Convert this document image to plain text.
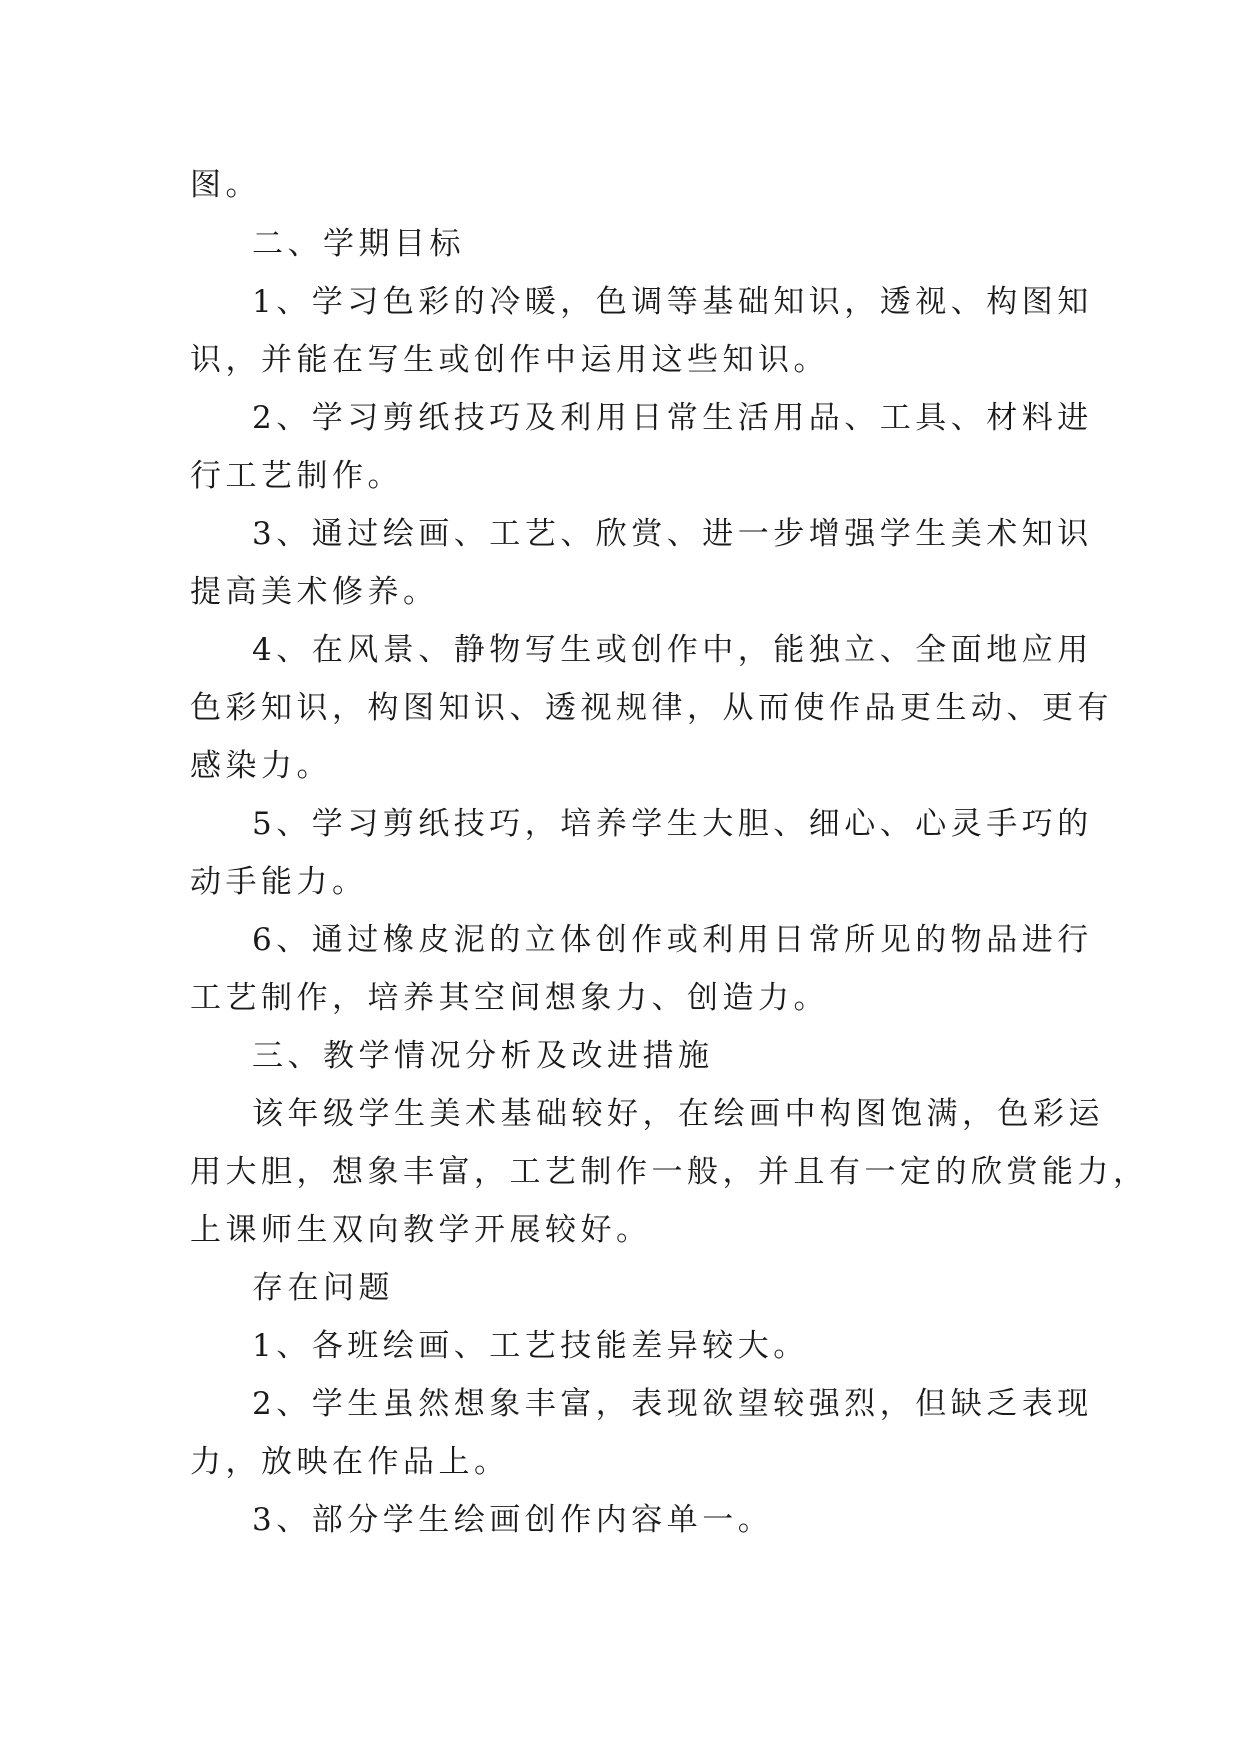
图。
二、学期目标
1、学习色彩的冷暖，色调等基础知识，透视、构图知
识，并能在写生或创作中运用这些知识。
2、学习剪纸技巧及利用日常生活用品、工具、材料进
行工艺制作。
3、通过绘画、工艺、欣赏、进一步增强学生美术知识
提高美术修养。
4、在风景、静物写生或创作中，能独立、全面地应用
色彩知识，构图知识、透视规律，从而使作品更生动、更有
感染力。
5、学习剪纸技巧，培养学生大胆、细心、心灵手巧的
动手能力。
6、通过橡皮泥的立体创作或利用日常所见的物品进行
工艺制作，培养其空间想象力、创造力。
三、教学情况分析及改进措施
该年级学生美术基础较好，在绘画中构图饱满，色彩运
用大胆，想象丰富，工艺制作一般，并且有一定的欣赏能力，
上课师生双向教学开展较好。
存在问题
1、各班绘画、工艺技能差异较大。
2、学生虽然想象丰富，表现欲望较强烈，但缺乏表现
力，放映在作品上。
3、部分学生绘画创作内容单一。
